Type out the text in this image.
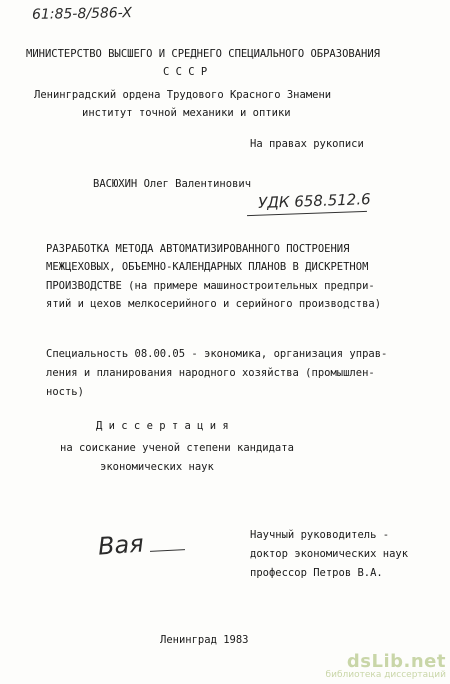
61:85-8/586-X
МИНИСТЕРСТВО ВЫСШЕГО И СРЕДНЕГО СПЕЦИАЛЬНОГО ОБРАЗОВАНИЯ
С С С Р
Ленинградский ордена Трудового Красного Знамени
институт точной механики и оптики
На правах рукописи
ВАСЮХИН Олег Валентинович
УДК 658.512.6
РАЗРАБОТКА МЕТОДА АВТОМАТИЗИРОВАННОГО ПОСТРОЕНИЯ
МЕЖЦЕХОВЫХ, ОБЪЕМНО-КАЛЕНДАРНЫХ ПЛАНОВ В ДИСКРЕТНОМ
ПРОИЗВОДСТВЕ (на примере машиностроительных предпри-
ятий и цехов мелкосерийного и серийного производства)
Специальность 08.00.05 - экономика, организация управ-
ления и планирования народного хозяйства (промышлен-
ность)
Д и с с е р т а ц и я
на соискание ученой степени кандидата
экономических наук
Научный руководитель -
доктор экономических наук
профессор Петров В.А.
Вая
Ленинград 1983
dsLib.net
библиотека диссертаций
